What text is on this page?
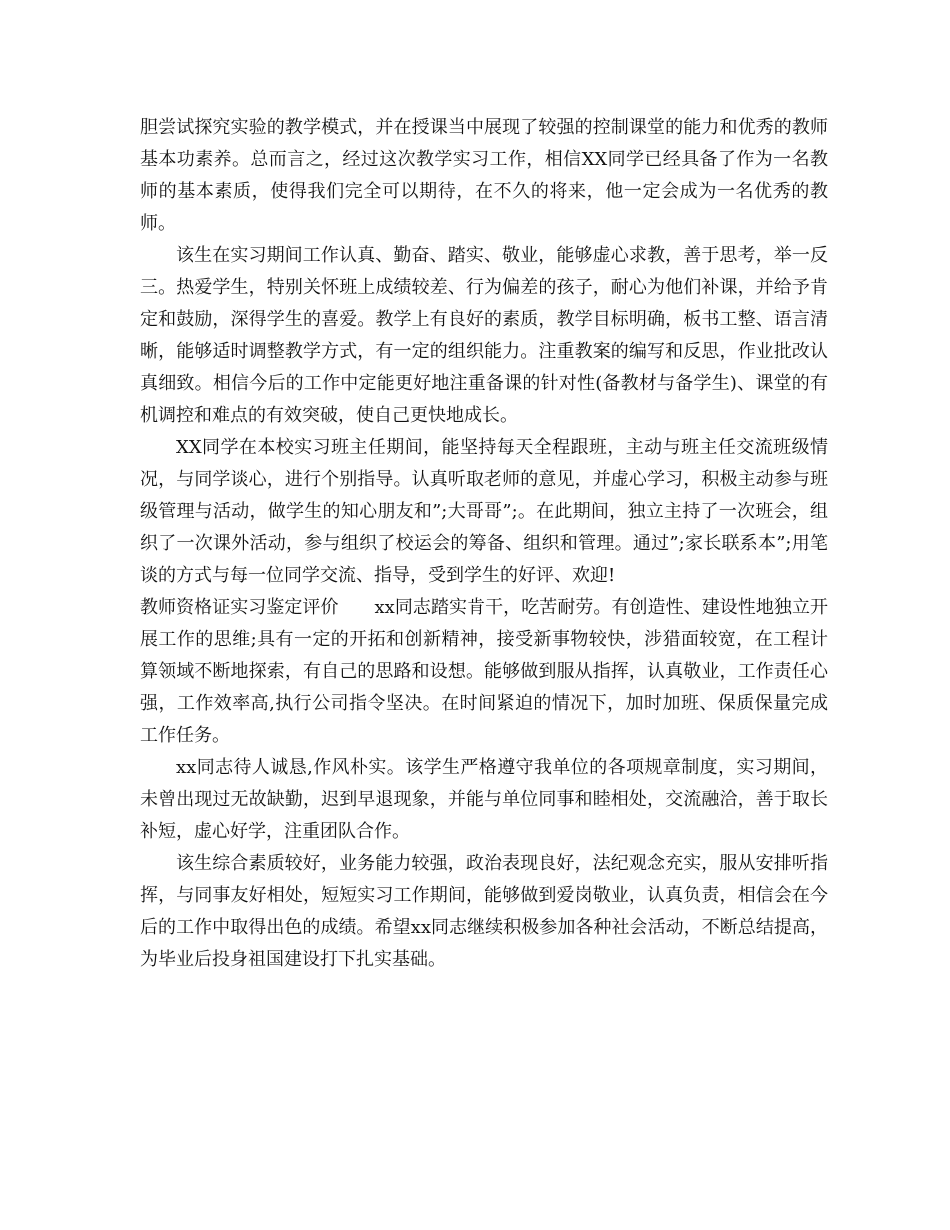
胆尝试探究实验的教学模式，并在授课当中展现了较强的控制课堂的能力和优秀的教师基本功素养。总而言之，经过这次教学实习工作，相信XX同学已经具备了作为一名教师的基本素质，使得我们完全可以期待，在不久的将来，他一定会成为一名优秀的教师。

该生在实习期间工作认真、勤奋、踏实、敬业，能够虚心求教，善于思考，举一反三。热爱学生，特别关怀班上成绩较差、行为偏差的孩子，耐心为他们补课，并给予肯定和鼓励，深得学生的喜爱。教学上有良好的素质，教学目标明确，板书工整、语言清晰，能够适时调整教学方式，有一定的组织能力。注重教案的编写和反思，作业批改认真细致。相信今后的工作中定能更好地注重备课的针对性(备教材与备学生)、课堂的有机调控和难点的有效突破，使自己更快地成长。

XX同学在本校实习班主任期间，能坚持每天全程跟班，主动与班主任交流班级情况，与同学谈心，进行个别指导。认真听取老师的意见，并虚心学习，积极主动参与班级管理与活动，做学生的知心朋友和”;大哥哥”;。在此期间，独立主持了一次班会，组织了一次课外活动，参与组织了校运会的筹备、组织和管理。通过”;家长联系本”;用笔谈的方式与每一位同学交流、指导，受到学生的好评、欢迎!

教师资格证实习鉴定评价 xx同志踏实肯干，吃苦耐劳。有创造性、建设性地独立开展工作的思维;具有一定的开拓和创新精神，接受新事物较快，涉猎面较宽，在工程计算领域不断地探索，有自己的思路和设想。能够做到服从指挥，认真敬业，工作责任心强，工作效率高,执行公司指令坚决。在时间紧迫的情况下，加时加班、保质保量完成工作任务。

xx同志待人诚恳,作风朴实。该学生严格遵守我单位的各项规章制度，实习期间，未曾出现过无故缺勤，迟到早退现象，并能与单位同事和睦相处，交流融洽，善于取长补短，虚心好学，注重团队合作。

该生综合素质较好，业务能力较强，政治表现良好，法纪观念充实，服从安排听指挥，与同事友好相处，短短实习工作期间，能够做到爱岗敬业，认真负责，相信会在今后的工作中取得出色的成绩。希望xx同志继续积极参加各种社会活动，不断总结提高，为毕业后投身祖国建设打下扎实基础。
